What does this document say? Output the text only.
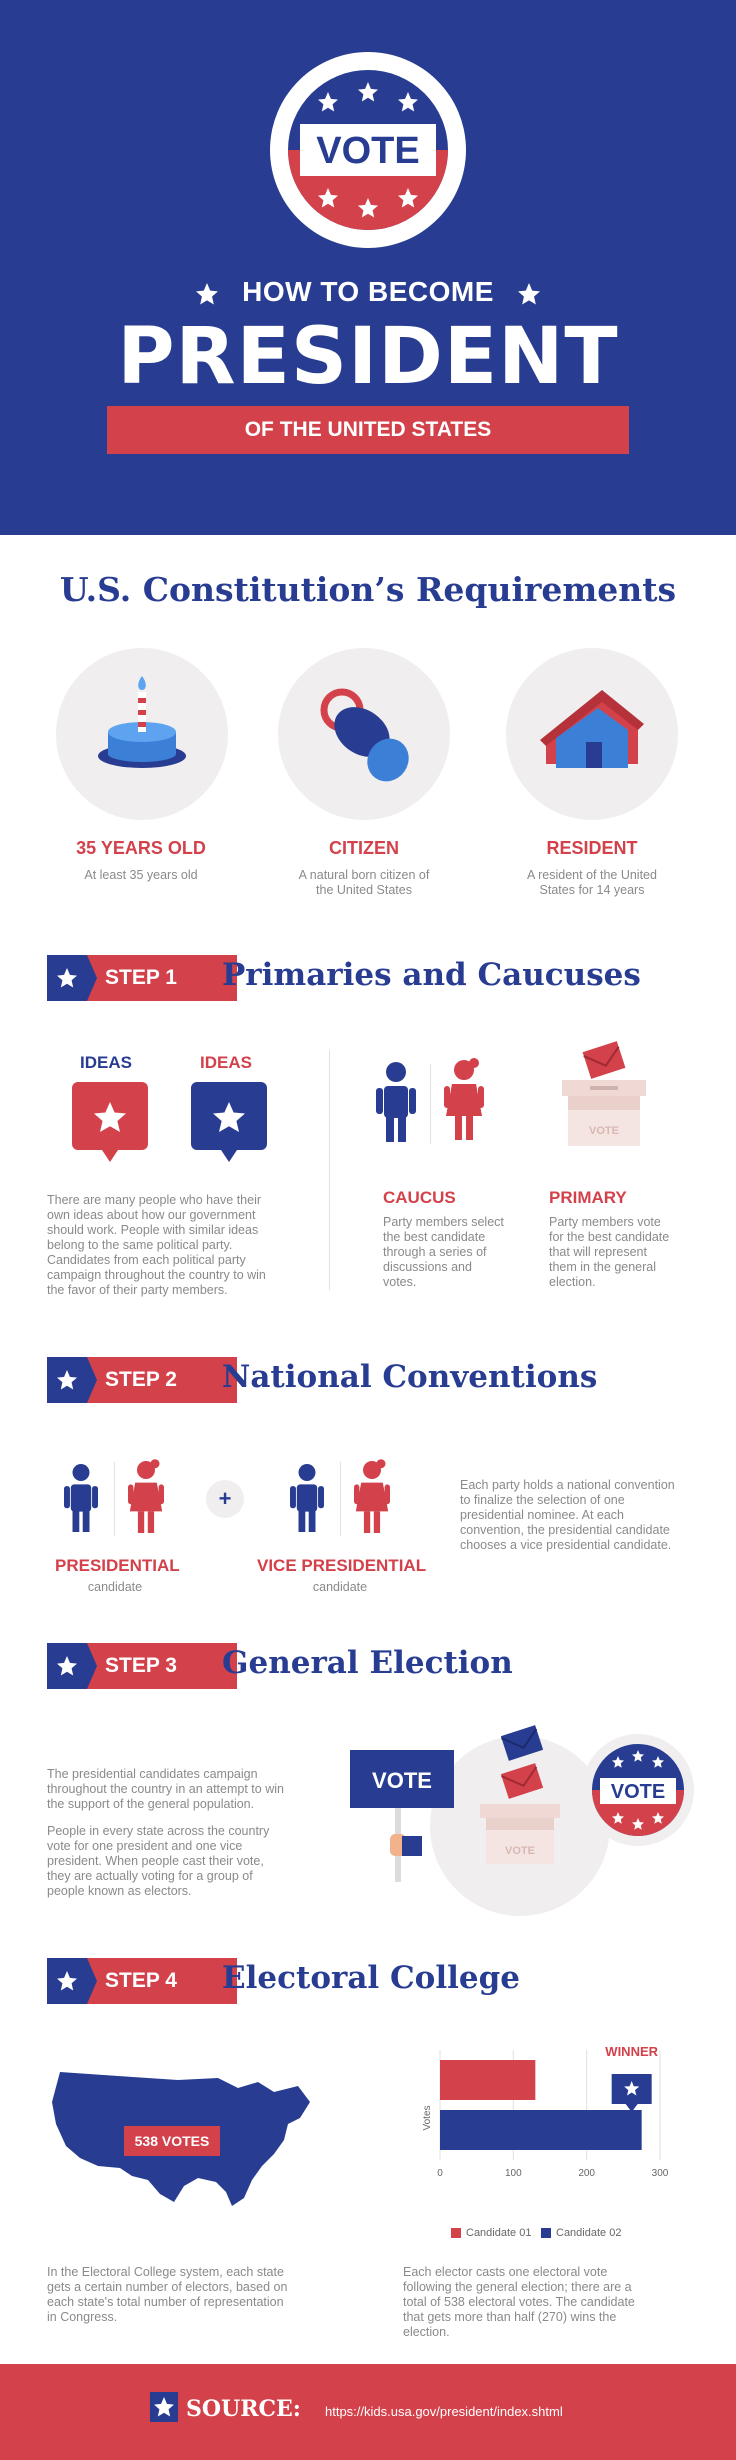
VOTE
HOW TO BECOME
PRESIDENT
OF THE UNITED STATES
U.S. Constitution’s Requirements
35 YEARS OLD
At least 35 years old
CITIZEN
A natural born citizen of
the United States
RESIDENT
A resident of the United
States for 14 years
STEP 1	Primaries and Caucuses
IDEAS	IDEAS
There are many people who have their
own ideas about how our government
should work. People with similar ideas
belong to the same political party.
Candidates from each political party
campaign throughout the country to win
the favor of their party members.
VOTE
CAUCUS
Party members select
the best candidate
through a series of
discussions and
votes.
PRIMARY
Party members vote
for the best candidate
that will represent
them in the general
election.
STEP 2	National Conventions
+
PRESIDENTIAL
candidate
VICE PRESIDENTIAL
candidate
Each party holds a national convention
to finalize the selection of one
presidential nominee. At each
convention, the presidential candidate
chooses a vice presidential candidate.
STEP 3	General Election
The presidential candidates campaign
throughout the country in an attempt to win
the support of the general population.
People in every state across the country
vote for one president and one vice
president. When people cast their vote,
they are actually voting for a group of
people known as electors.
VOTE
VOTE
VOTE
STEP 4	Electoral College
538 VOTES
Votes
0	100	200	300
WINNER
Candidate 01	Candidate 02
In the Electoral College system, each state
gets a certain number of electors, based on
each state's total number of representation
in Congress.
Each elector casts one electoral vote
following the general election; there are a
total of 538 electoral votes. The candidate
that gets more than half (270) wins the
election.
SOURCE: https://kids.usa.gov/president/index.shtml
